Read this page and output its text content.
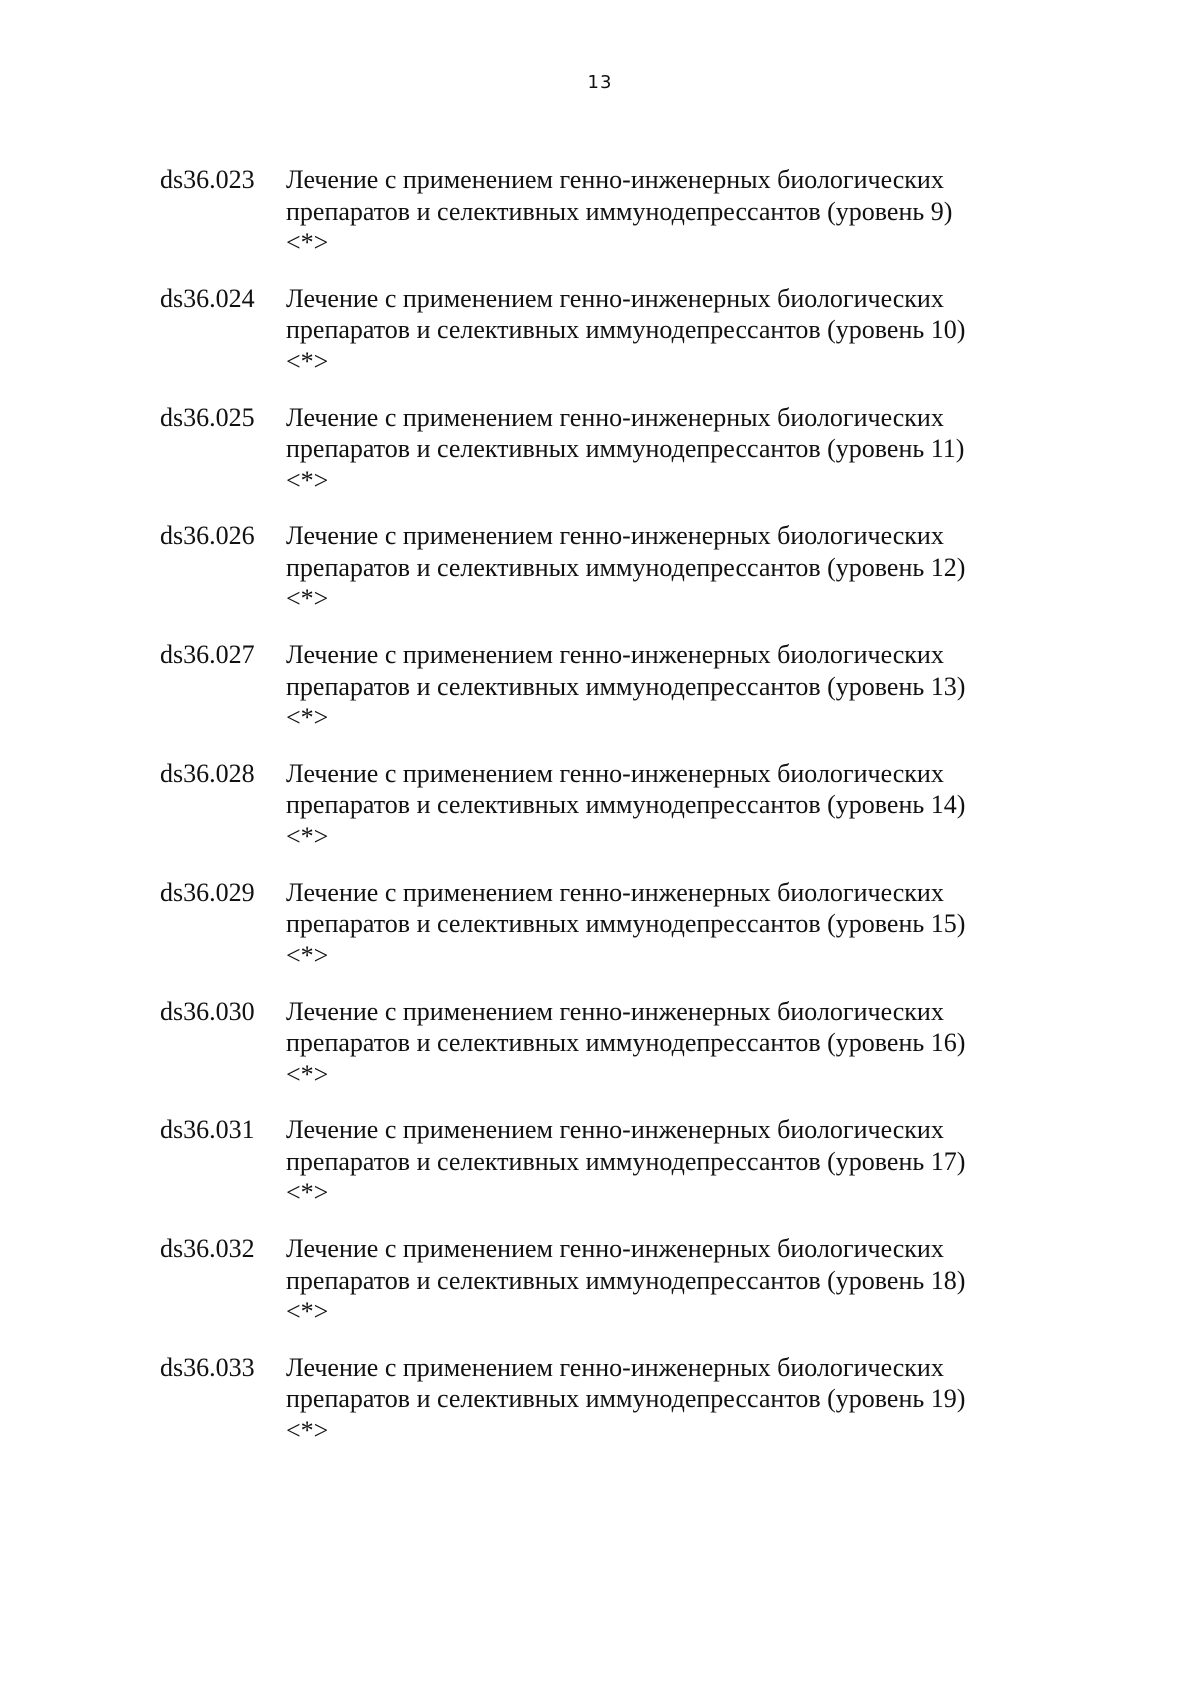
13
ds36.023	Лечение с применением генно-инженерных биологических
препаратов и селективных иммунодепрессантов (уровень 9)
<*>
ds36.024	Лечение с применением генно-инженерных биологических
препаратов и селективных иммунодепрессантов (уровень 10)
<*>
ds36.025	Лечение с применением генно-инженерных биологических
препаратов и селективных иммунодепрессантов (уровень 11)
<*>
ds36.026	Лечение с применением генно-инженерных биологических
препаратов и селективных иммунодепрессантов (уровень 12)
<*>
ds36.027	Лечение с применением генно-инженерных биологических
препаратов и селективных иммунодепрессантов (уровень 13)
<*>
ds36.028	Лечение с применением генно-инженерных биологических
препаратов и селективных иммунодепрессантов (уровень 14)
<*>
ds36.029	Лечение с применением генно-инженерных биологических
препаратов и селективных иммунодепрессантов (уровень 15)
<*>
ds36.030	Лечение с применением генно-инженерных биологических
препаратов и селективных иммунодепрессантов (уровень 16)
<*>
ds36.031	Лечение с применением генно-инженерных биологических
препаратов и селективных иммунодепрессантов (уровень 17)
<*>
ds36.032	Лечение с применением генно-инженерных биологических
препаратов и селективных иммунодепрессантов (уровень 18)
<*>
ds36.033	Лечение с применением генно-инженерных биологических
препаратов и селективных иммунодепрессантов (уровень 19)
<*>
